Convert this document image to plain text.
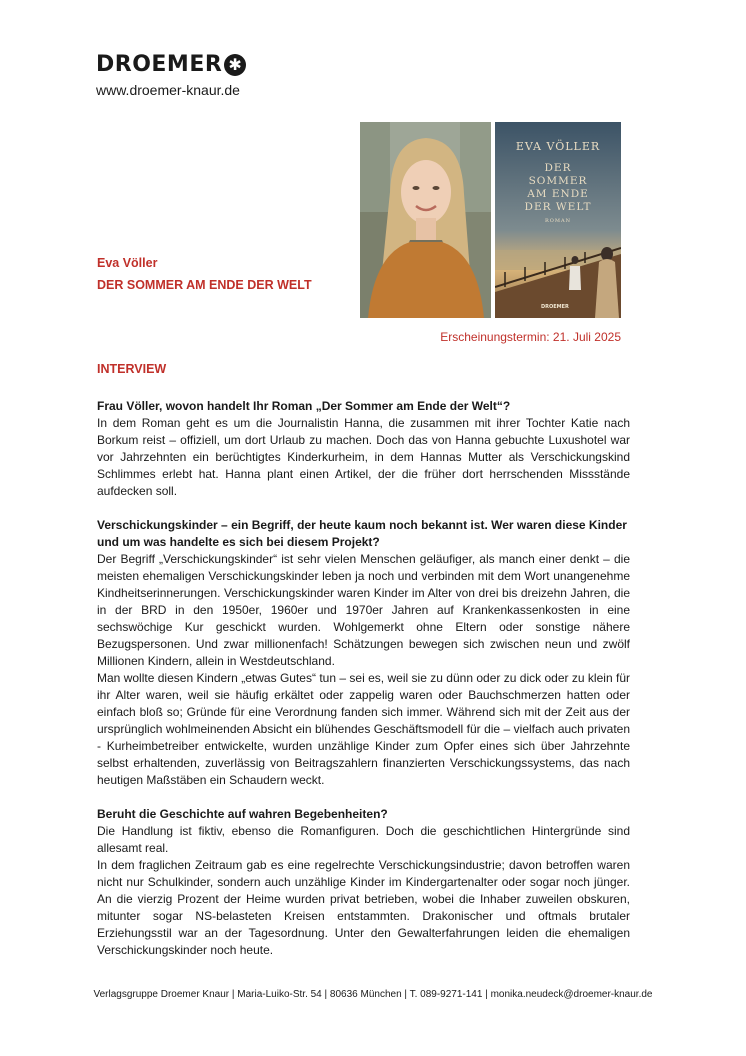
DROEMER ✱
www.droemer-knaur.de
EVA VÖLLER
DER
SOMMER
AM ENDE
DER WELT
ROMAN
DROEMER
Eva Völler
DER SOMMER AM ENDE DER WELT
Erscheinungstermin: 21. Juli 2025
INTERVIEW

Frau Völler, wovon handelt Ihr Roman „Der Sommer am Ende der Welt“?

In dem Roman geht es um die Journalistin Hanna, die zusammen mit ihrer Tochter Katie nach Borkum reist – offiziell, um dort Urlaub zu machen. Doch das von Hanna gebuchte Luxushotel war vor Jahrzehnten ein berüchtigtes Kinderkurheim, in dem Hannas Mutter als Verschickungskind Schlimmes erlebt hat. Hanna plant einen Artikel, der die früher dort herrschenden Missstände aufdecken soll.

Verschickungskinder – ein Begriff, der heute kaum noch bekannt ist. Wer waren diese Kinder und um was handelte es sich bei diesem Projekt?

Der Begriff „Verschickungskinder“ ist sehr vielen Menschen geläufiger, als manch einer denkt – die meisten ehemaligen Verschickungskinder leben ja noch und verbinden mit dem Wort unangenehme Kindheitserinnerungen. Verschickungskinder waren Kinder im Alter von drei bis dreizehn Jahren, die in der BRD in den 1950er, 1960er und 1970er Jahren auf Krankenkassenkosten in eine sechswöchige Kur geschickt wurden. Wohlgemerkt ohne Eltern oder sonstige nähere Bezugspersonen. Und zwar millionenfach! Schätzungen bewegen sich zwischen neun und zwölf Millionen Kindern, allein in Westdeutschland.

Man wollte diesen Kindern „etwas Gutes“ tun – sei es, weil sie zu dünn oder zu dick oder zu klein für ihr Alter waren, weil sie häufig erkältet oder zappelig waren oder Bauchschmerzen hatten oder einfach bloß so; Gründe für eine Verordnung fanden sich immer. Während sich mit der Zeit aus der ursprünglich wohlmeinenden Absicht ein blühendes Geschäftsmodell für die – vielfach auch privaten - Kurheimbetreiber entwickelte, wurden unzählige Kinder zum Opfer eines sich über Jahrzehnte selbst erhaltenden, zuverlässig von Beitragszahlern finanzierten Verschickungssystems, das nach heutigen Maßstäben ein Schaudern weckt.

Beruht die Geschichte auf wahren Begebenheiten?

Die Handlung ist fiktiv, ebenso die Romanfiguren. Doch die geschichtlichen Hintergründe sind allesamt real.

In dem fraglichen Zeitraum gab es eine regelrechte Verschickungsindustrie; davon betroffen waren nicht nur Schulkinder, sondern auch unzählige Kinder im Kindergartenalter oder sogar noch jünger. An die vierzig Prozent der Heime wurden privat betrieben, wobei die Inhaber zuweilen obskuren, mitunter sogar NS-belasteten Kreisen entstammten. Drakonischer und oftmals brutaler Erziehungsstil war an der Tagesordnung. Unter den Gewalterfahrungen leiden die ehemaligen Verschickungskinder noch heute.

Verlagsgruppe Droemer Knaur | Maria-Luiko-Str. 54 | 80636 München | T. 089-9271-141 | monika.neudeck@droemer-knaur.de
